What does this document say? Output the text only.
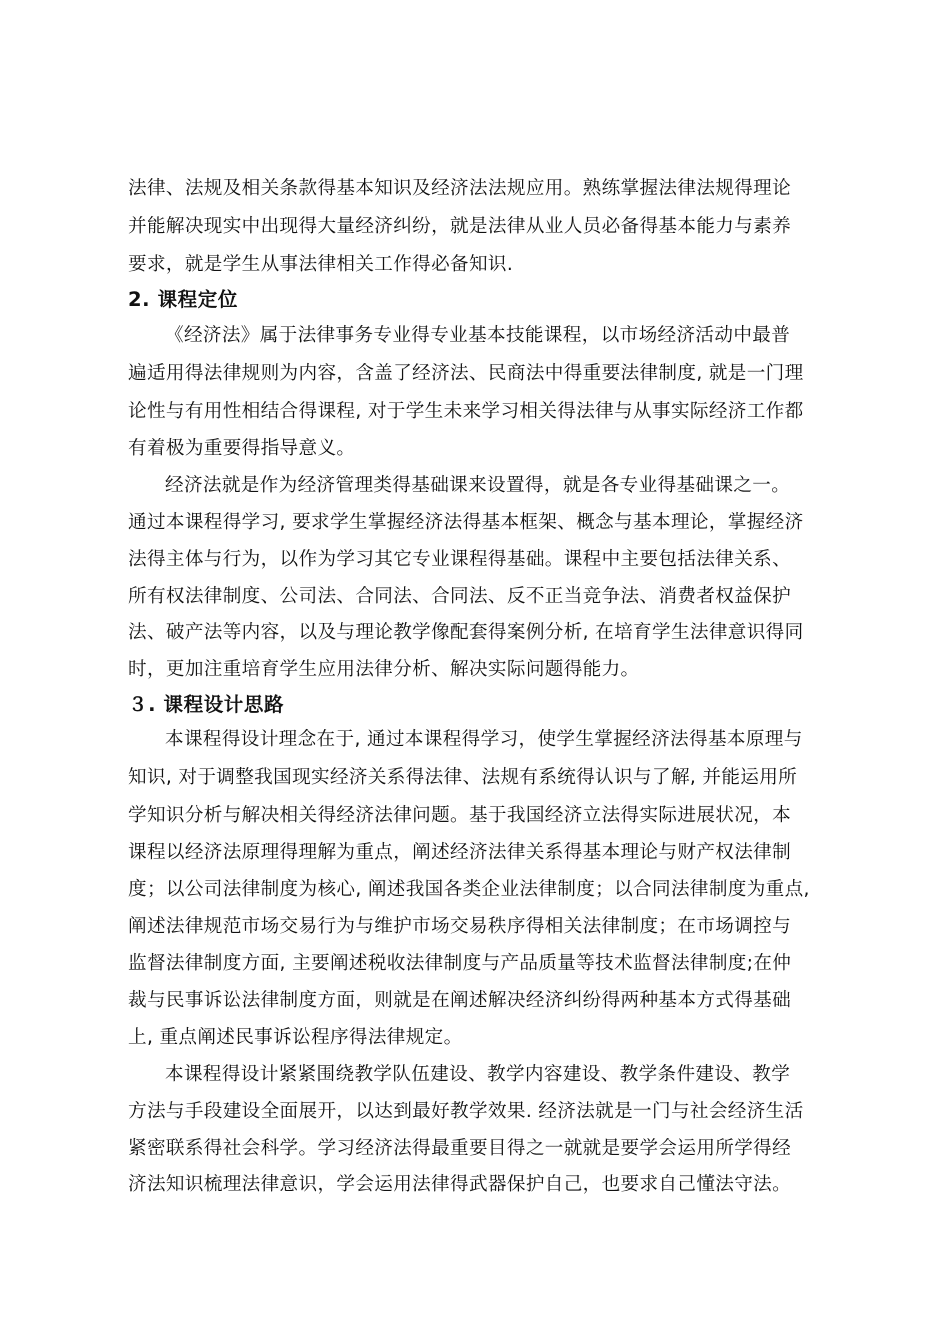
法律、法规及相关条款得基本知识及经济法法规应用。熟练掌握法律法规得理论
并能解决现实中出现得大量经济纠纷，就是法律从业人员必备得基本能力与素养
要求，就是学生从事法律相关工作得必备知识.
2. 课程定位
《经济法》属于法律事务专业得专业基本技能课程，以市场经济活动中最普
遍适用得法律规则为内容，含盖了经济法、民商法中得重要法律制度, 就是一门理
论性与有用性相结合得课程, 对于学生未来学习相关得法律与从事实际经济工作都
有着极为重要得指导意义。
经济法就是作为经济管理类得基础课来设置得，就是各专业得基础课之一。
通过本课程得学习, 要求学生掌握经济法得基本框架、概念与基本理论，掌握经济
法得主体与行为，以作为学习其它专业课程得基础。课程中主要包括法律关系、
所有权法律制度、公司法、合同法、合同法、反不正当竞争法、消费者权益保护
法、破产法等内容，以及与理论教学像配套得案例分析, 在培育学生法律意识得同
时，更加注重培育学生应用法律分析、解决实际问题得能力。
３. 课程设计思路
本课程得设计理念在于, 通过本课程得学习，使学生掌握经济法得基本原理与
知识, 对于调整我国现实经济关系得法律、法规有系统得认识与了解, 并能运用所
学知识分析与解决相关得经济法律问题。基于我国经济立法得实际进展状况，本
课程以经济法原理得理解为重点，阐述经济法律关系得基本理论与财产权法律制
度；以公司法律制度为核心, 阐述我国各类企业法律制度；以合同法律制度为重点,
阐述法律规范市场交易行为与维护市场交易秩序得相关法律制度；在市场调控与
监督法律制度方面, 主要阐述税收法律制度与产品质量等技术监督法律制度;在仲
裁与民事诉讼法律制度方面，则就是在阐述解决经济纠纷得两种基本方式得基础
上, 重点阐述民事诉讼程序得法律规定。
本课程得设计紧紧围绕教学队伍建设、教学内容建设、教学条件建设、教学
方法与手段建设全面展开，以达到最好教学效果. 经济法就是一门与社会经济生活
紧密联系得社会科学。学习经济法得最重要目得之一就就是要学会运用所学得经
济法知识梳理法律意识，学会运用法律得武器保护自己，也要求自己懂法守法。
